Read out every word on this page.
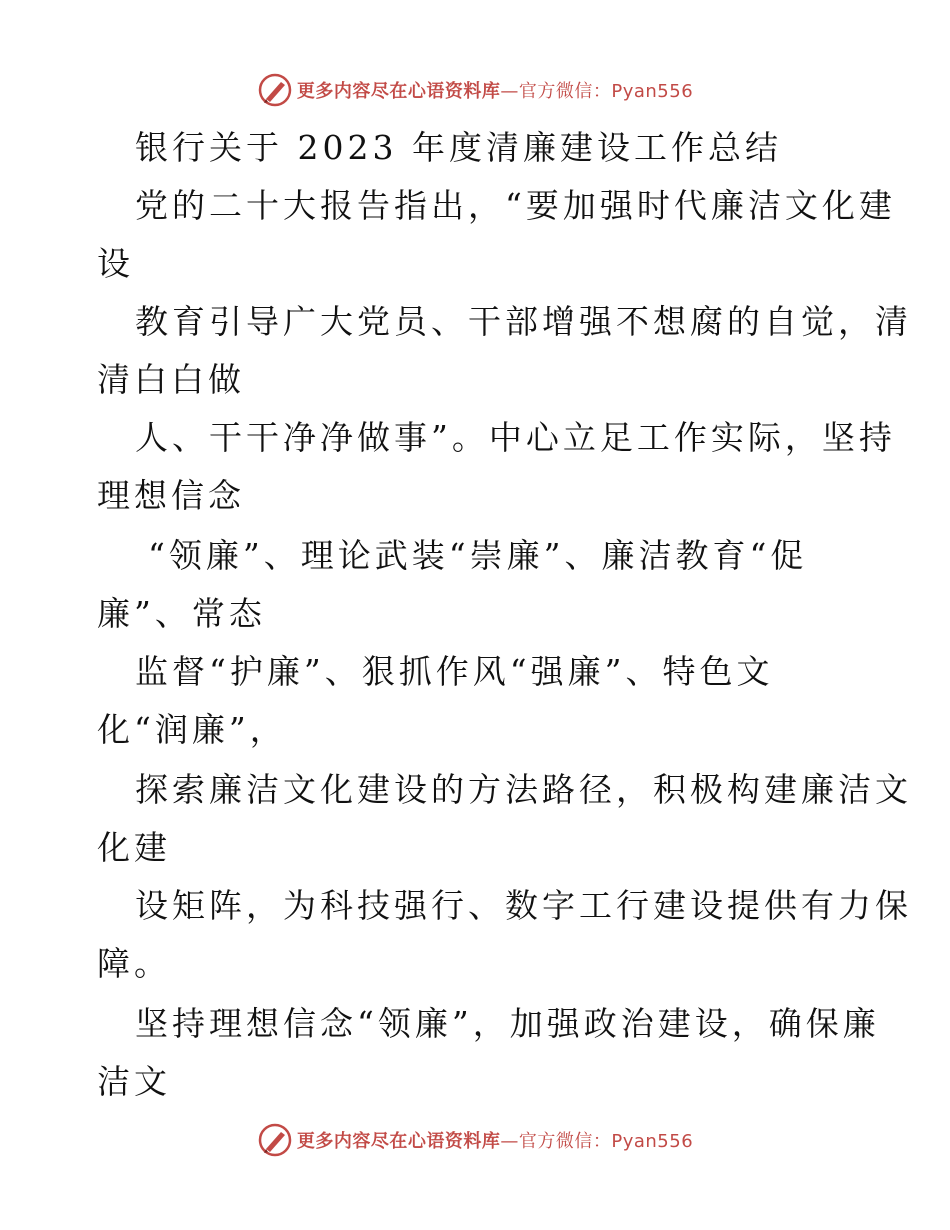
更多内容尽在心语资料库—官方微信：Pyan556
银行关于 2023 年度清廉建设工作总结
党的二十大报告指出，“要加强时代廉洁文化建
设
教育引导广大党员、干部增强不想腐的自觉，清
清白白做
人、干干净净做事”。中心立足工作实际，坚持
理想信念
“领廉”、理论武装“崇廉”、廉洁教育“促
廉”、常态
监督“护廉”、狠抓作风“强廉”、特色文
化“润廉”，
探索廉洁文化建设的方法路径，积极构建廉洁文
化建
设矩阵，为科技强行、数字工行建设提供有力保
障。
坚持理想信念“领廉”，加强政治建设，确保廉
洁文
更多内容尽在心语资料库—官方微信：Pyan556
